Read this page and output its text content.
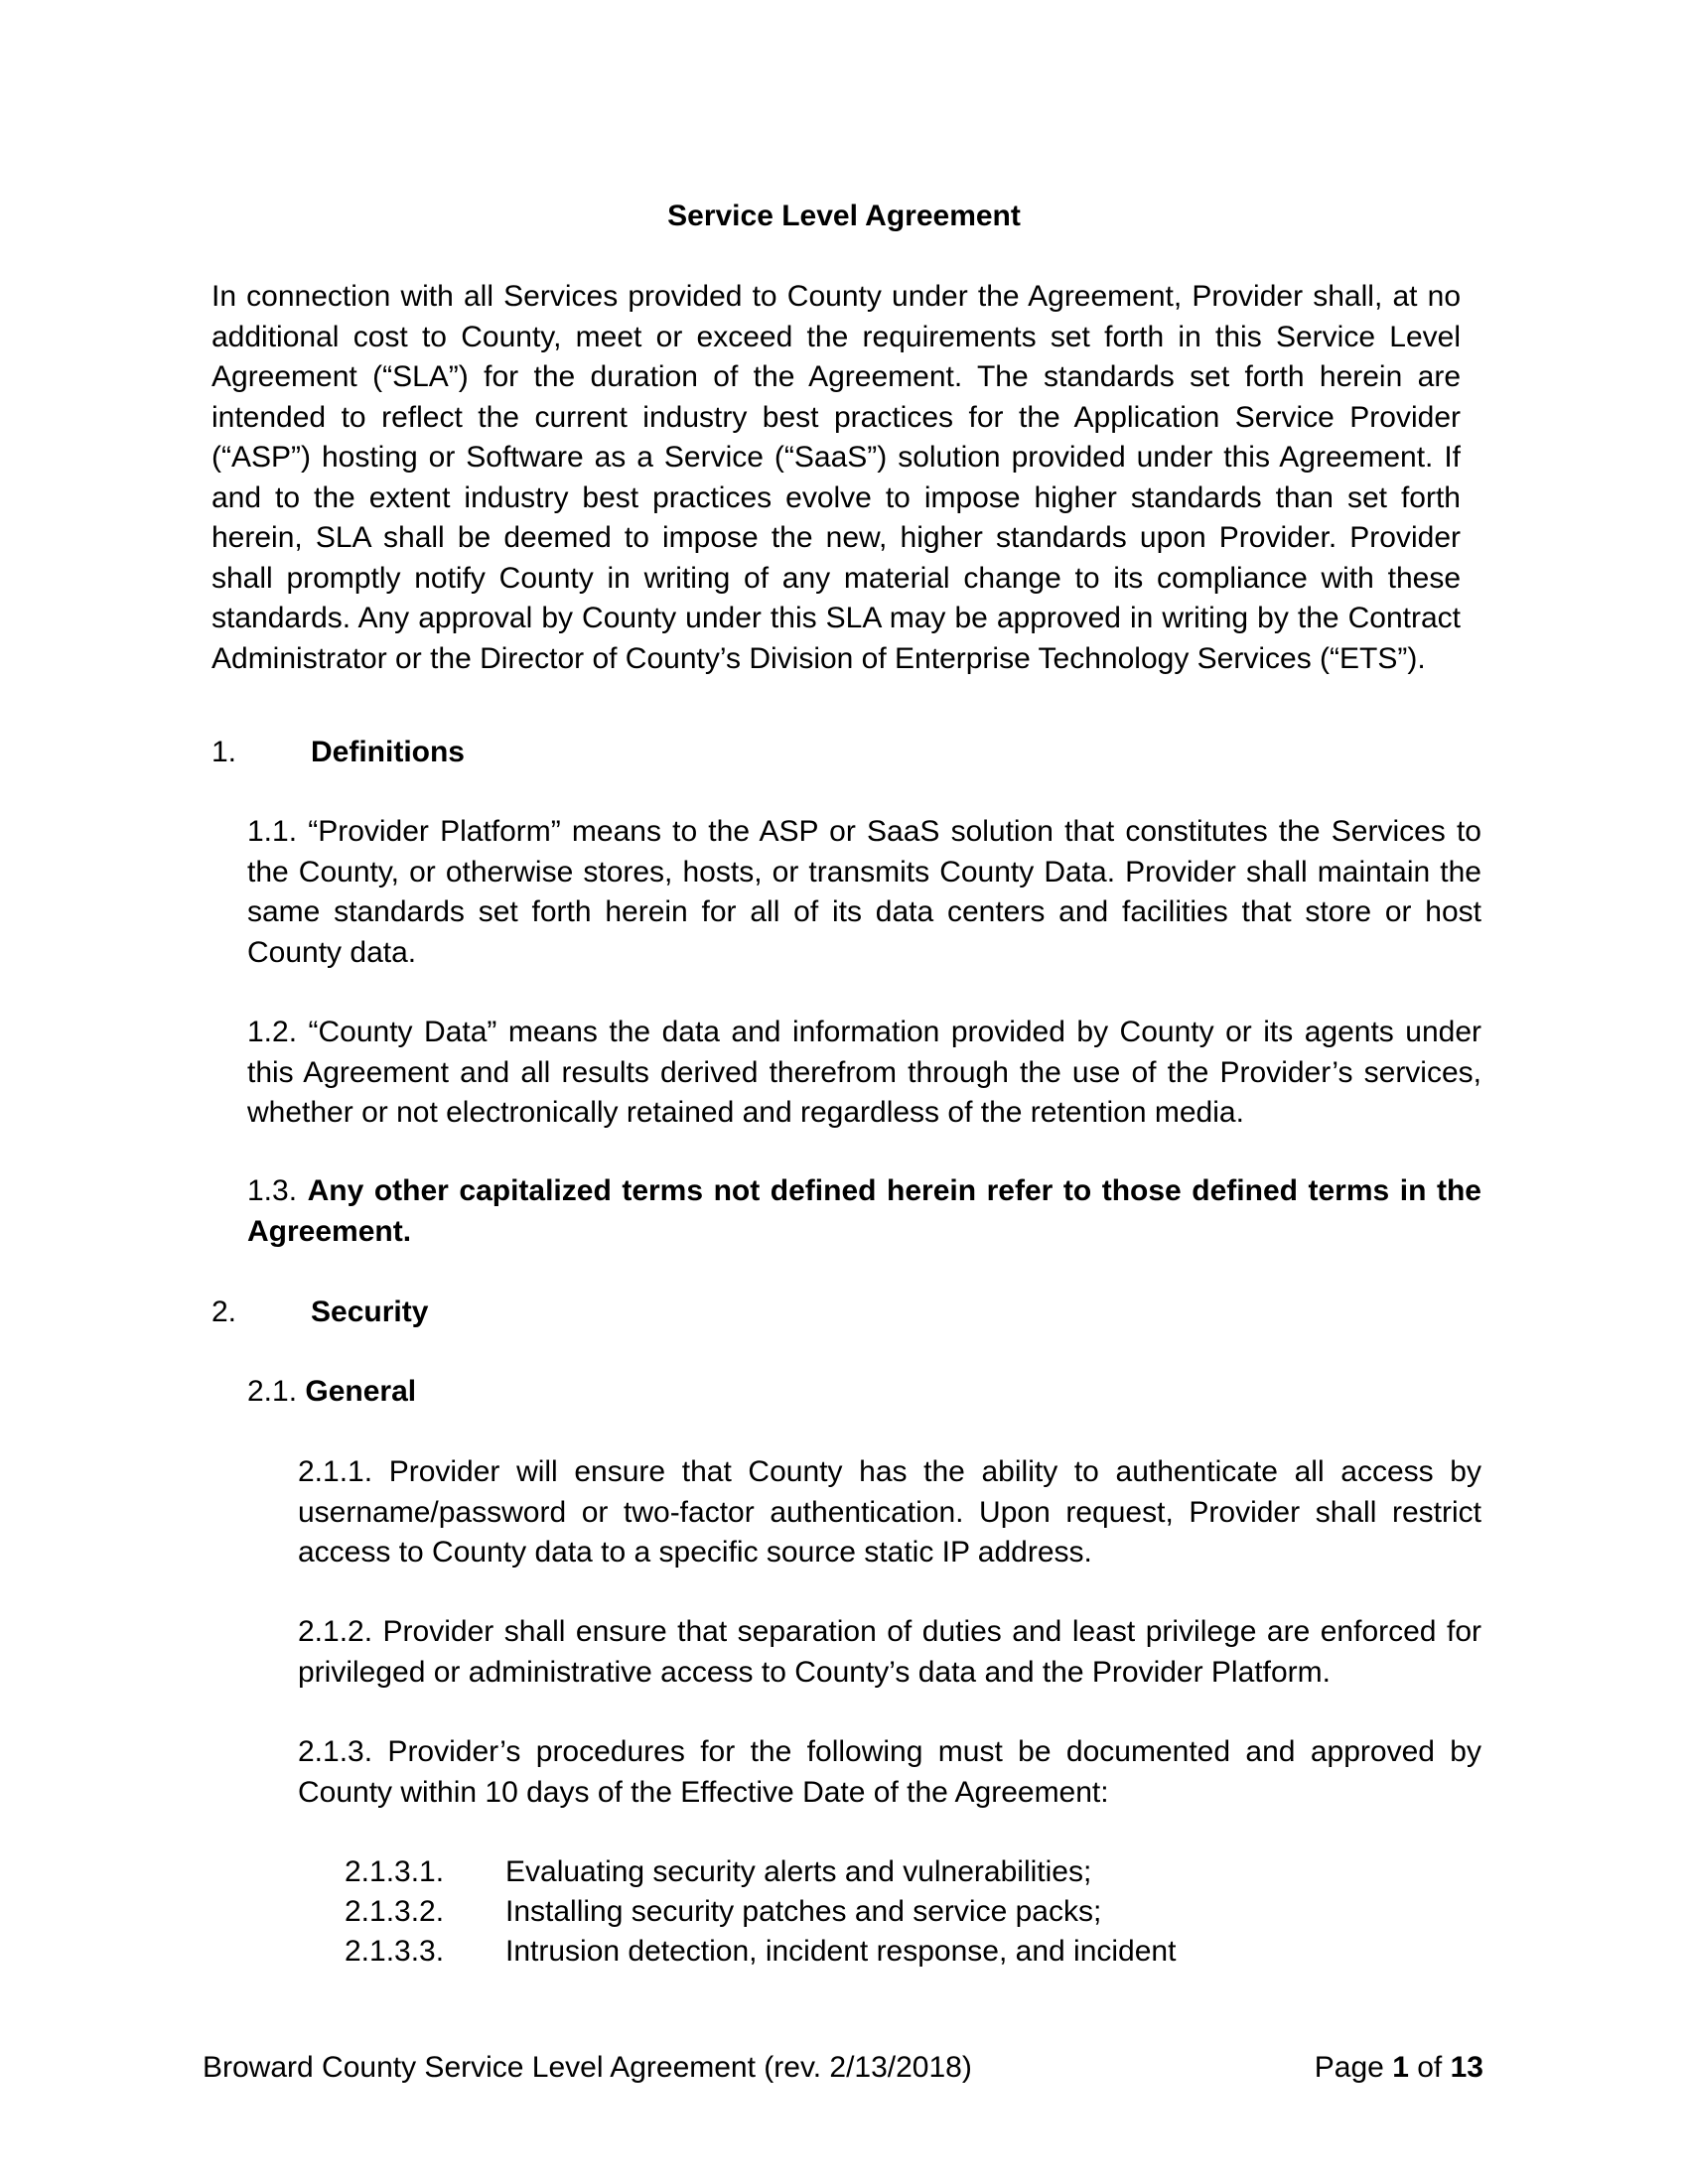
Service Level Agreement

In connection with all Services provided to County under the Agreement, Provider shall, at no additional cost to County, meet or exceed the requirements set forth in this Service Level Agreement (“SLA”) for the duration of the Agreement. The standards set forth herein are intended to reflect the current industry best practices for the Application Service Provider (“ASP”) hosting or Software as a Service (“SaaS”) solution provided under this Agreement. If and to the extent industry best practices evolve to impose higher standards than set forth herein, SLA shall be deemed to impose the new, higher standards upon Provider. Provider shall promptly notify County in writing of any material change to its compliance with these standards. Any approval by County under this SLA may be approved in writing by the Contract Administrator or the Director of County’s Division of Enterprise Technology Services (“ETS”).

1. Definitions

1.1. “Provider Platform” means to the ASP or SaaS solution that constitutes the Services to the County, or otherwise stores, hosts, or transmits County Data. Provider shall maintain the same standards set forth herein for all of its data centers and facilities that store or host County data.

1.2. “County Data” means the data and information provided by County or its agents under this Agreement and all results derived therefrom through the use of the Provider’s services, whether or not electronically retained and regardless of the retention media.

1.3. Any other capitalized terms not defined herein refer to those defined terms in the Agreement.

2. Security
2.1. General

2.1.1. Provider will ensure that County has the ability to authenticate all access by username/password or two-factor authentication. Upon request, Provider shall restrict access to County data to a specific source static IP address.

2.1.2. Provider shall ensure that separation of duties and least privilege are enforced for privileged or administrative access to County’s data and the Provider Platform.

2.1.3. Provider’s procedures for the following must be documented and approved by County within 10 days of the Effective Date of the Agreement:

2.1.3.1. Evaluating security alerts and vulnerabilities;

2.1.3.2. Installing security patches and service packs;

2.1.3.3. Intrusion detection, incident response, and incident

Broward County Service Level Agreement (rev. 2/13/2018)	Page 1 of 13
